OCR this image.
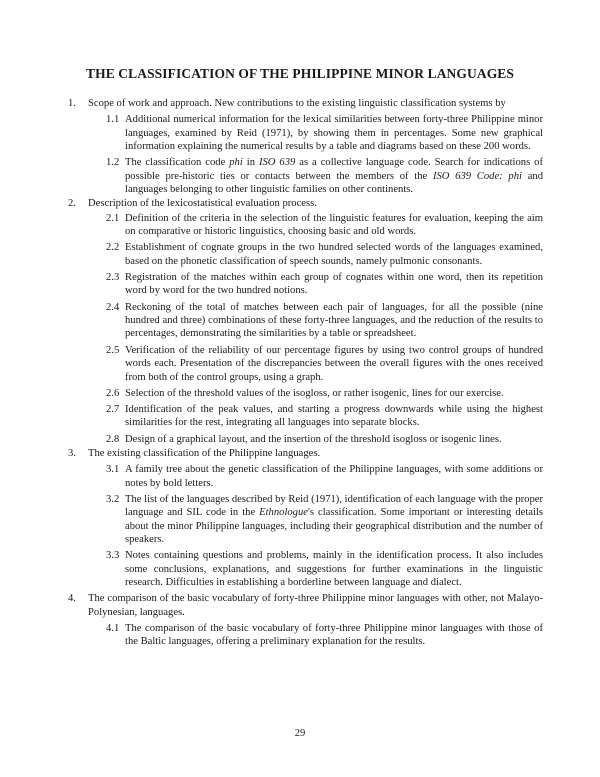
THE CLASSIFICATION OF THE PHILIPPINE MINOR LANGUAGES
1. Scope of work and approach. New contributions to the existing linguistic classification systems by
1.1 Additional numerical information for the lexical similarities between forty-three Philippine minor languages, examined by Reid (1971), by showing them in percentages. Some new graphical information explaining the numerical results by a table and diagrams based on these 200 words.
1.2 The classification code phi in ISO 639 as a collective language code. Search for indications of possible pre-historic ties or contacts between the members of the ISO 639 Code: phi and languages belonging to other linguistic families on other continents.
2. Description of the lexicostatistical evaluation process.
2.1 Definition of the criteria in the selection of the linguistic features for evaluation, keeping the aim on comparative or historic linguistics, choosing basic and old words.
2.2 Establishment of cognate groups in the two hundred selected words of the languages examined, based on the phonetic classification of speech sounds, namely pulmonic consonants.
2.3 Registration of the matches within each group of cognates within one word, then its repetition word by word for the two hundred notions.
2.4 Reckoning of the total of matches between each pair of languages, for all the possible (nine hundred and three) combinations of these forty-three languages, and the reduction of the results to percentages, demonstrating the similarities by a table or spreadsheet.
2.5 Verification of the reliability of our percentage figures by using two control groups of hundred words each. Presentation of the discrepancies between the overall figures with the ones received from both of the control groups, using a graph.
2.6 Selection of the threshold values of the isogloss, or rather isogenic, lines for our exercise.
2.7 Identification of the peak values, and starting a progress downwards while using the highest similarities for the rest, integrating all languages into separate blocks.
2.8 Design of a graphical layout, and the insertion of the threshold isogloss or isogenic lines.
3. The existing classification of the Philippine languages.
3.1 A family tree about the genetic classification of the Philippine languages, with some additions or notes by bold letters.
3.2 The list of the languages described by Reid (1971), identification of each language with the proper language and SIL code in the Ethnologue's classification. Some important or interesting details about the minor Philippine languages, including their geographical distribution and the number of speakers.
3.3 Notes containing questions and problems, mainly in the identification process. It also includes some conclusions, explanations, and suggestions for further examinations in the linguistic research. Difficulties in establishing a borderline between language and dialect.
4. The comparison of the basic vocabulary of forty-three Philippine minor languages with other, not Malayo-Polynesian, languages.
4.1 The comparison of the basic vocabulary of forty-three Philippine minor languages with those of the Baltic languages, offering a preliminary explanation for the results.
29
